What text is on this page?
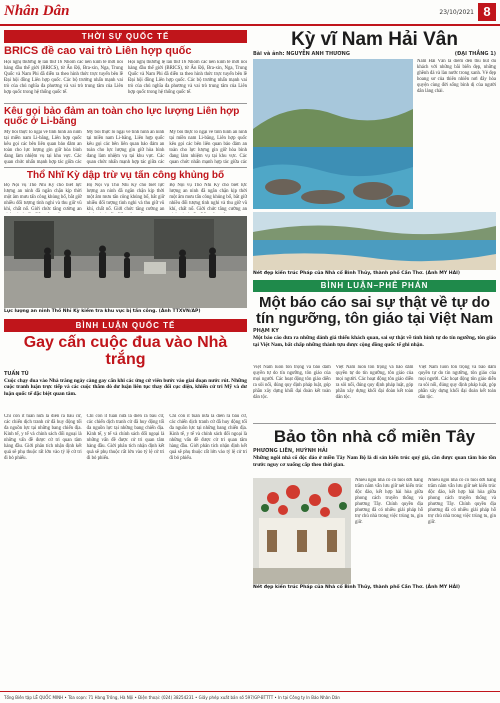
Nhân Dân	23/10/2021 8
THỜI SỰ QUỐC TẾ
BRICS đề cao vai trò Liên hợp quốc
Hội nghị thường lệ lần thứ 16 Nhóm các nền kinh tế mới nổi hàng đầu thế giới (BRICS), từ Ấn Độ, Bra-xin, Nga, Trung Quốc và Nam Phi đã diễn ra theo hình thức trực tuyến bên lề Đại hội đồng Liên hợp quốc. Các bộ trưởng nhấn mạnh vai trò của chủ nghĩa đa phương và vai trò trung tâm của Liên hợp quốc trong hệ thống quốc tế.
Hội nghị thường lệ lần thứ 16 Nhóm các nền kinh tế mới nổi hàng đầu thế giới (BRICS), từ Ấn Độ, Bra-xin, Nga, Trung Quốc và Nam Phi đã diễn ra theo hình thức trực tuyến bên lề Đại hội đồng Liên hợp quốc. Các bộ trưởng nhấn mạnh vai trò của chủ nghĩa đa phương và vai trò trung tâm của Liên hợp quốc trong hệ thống quốc tế.
Kêu gọi bảo đảm an toàn cho lực lượng Liên hợp quốc ở Li-băng
Mỹ bồi thực lo ngại về tình hình an ninh tại miền nam Li-băng, Liên hợp quốc kêu gọi các bên liên quan bảo đảm an toàn cho lực lượng gìn giữ hòa bình đang làm nhiệm vụ tại khu vực. Các quan chức nhấn mạnh hợp tác giữa các
Mỹ bồi thực lo ngại về tình hình an ninh tại miền nam Li-băng, Liên hợp quốc kêu gọi các bên liên quan bảo đảm an toàn cho lực lượng gìn giữ hòa bình đang làm nhiệm vụ tại khu vực. Các quan chức nhấn mạnh hợp tác giữa các
Mỹ bồi thực lo ngại về tình hình an ninh tại miền nam Li-băng, Liên hợp quốc kêu gọi các bên liên quan bảo đảm an toàn cho lực lượng gìn giữ hòa bình đang làm nhiệm vụ tại khu vực. Các quan chức nhấn mạnh hợp tác giữa các
Thổ Nhĩ Kỳ dập trừ vụ tấn công khủng bố
Bộ Nội vụ Thổ Nhĩ Kỳ cho biết lực lượng an ninh đã ngăn chặn kịp thời một âm mưu tấn công khủng bố, bắt giữ nhiều đối tượng tình nghi và thu giữ vũ khí, chất nổ. Giới chức tăng cường an
Bộ Nội vụ Thổ Nhĩ Kỳ cho biết lực lượng an ninh đã ngăn chặn kịp thời một âm mưu tấn công khủng bố, bắt giữ nhiều đối tượng tình nghi và thu giữ vũ khí, chất nổ. Giới chức tăng cường an
Bộ Nội vụ Thổ Nhĩ Kỳ cho biết lực lượng an ninh đã ngăn chặn kịp thời một âm mưu tấn công khủng bố, bắt giữ nhiều đối tượng tình nghi và thu giữ vũ khí, chất nổ. Giới chức tăng cường an
Lực lượng an ninh Thổ Nhĩ Kỳ kiểm tra khu vực bị tấn công. (Ảnh TTXVN/AP)
BÌNH LUẬN QUỐC TẾ
Gay cấn cuộc đua vào Nhà trắng
TUẤN TÚ
Cuộc chạy đua vào Nhà trắng ngày càng gay cấn khi các ứng cử viên bước vào giai đoạn nước rút. Những cuộc tranh luận trực tiếp và các cuộc thăm dò dư luận liên tục thay đổi cục diện, khiến cử tri Mỹ và dư luận quốc tế đặc biệt quan tâm.
Chỉ còn ít tuần nữa là diễn ra bầu cử, các chiến dịch tranh cử đã huy động tối đa nguồn lực tại những bang chiến địa. Kinh tế, y tế và chính sách đối ngoại là những vấn đề được cử tri quan tâm hàng đầu. Giới phân tích nhận định kết quả sẽ phụ thuộc rất lớn vào tỷ lệ cử tri đi bỏ phiếu.
Chỉ còn ít tuần nữa là diễn ra bầu cử, các chiến dịch tranh cử đã huy động tối đa nguồn lực tại những bang chiến địa. Kinh tế, y tế và chính sách đối ngoại là những vấn đề được cử tri quan tâm hàng đầu. Giới phân tích nhận định kết quả sẽ phụ thuộc rất lớn vào tỷ lệ cử tri đi bỏ phiếu.
Chỉ còn ít tuần nữa là diễn ra bầu cử, các chiến dịch tranh cử đã huy động tối đa nguồn lực tại những bang chiến địa. Kinh tế, y tế và chính sách đối ngoại là những vấn đề được cử tri quan tâm hàng đầu. Giới phân tích nhận định kết quả sẽ phụ thuộc rất lớn vào tỷ lệ cử tri đi bỏ phiếu.
Kỳ vĩ Nam Hải Vân
Bài và ảnh: NGUYỄN ANH THƯƠNG	(ĐẠI THẮNG 1)
Nam Hải Vân là điểm đến thu hút du khách với những bãi biển đẹp, những ghềnh đá và làn nước trong xanh. Vẻ đẹp hoang sơ của thiên nhiên nơi đây hòa quyện cùng đời sống bình dị của người dân làng chài.
Nét đẹp kiến trúc Pháp của Nhà cổ Bình Thủy, thành phố Cần Thơ. (Ảnh MY HẢI)
BÌNH LUẬN–PHÊ PHÁN
Một báo cáo sai sự thật về tự do tín ngưỡng, tôn giáo tại Việt Nam
PHẠM KY
Một báo cáo đưa ra những đánh giá thiếu khách quan, sai sự thật về tình hình tự do tín ngưỡng, tôn giáo tại Việt Nam, bất chấp những thành tựu được cộng đồng quốc tế ghi nhận.
Việt Nam luôn tôn trọng và bảo đảm quyền tự do tín ngưỡng, tôn giáo của mọi người. Các hoạt động tôn giáo diễn ra sôi nổi, đúng quy định pháp luật, góp phần xây dựng khối đại đoàn kết toàn dân tộc.
Việt Nam luôn tôn trọng và bảo đảm quyền tự do tín ngưỡng, tôn giáo của mọi người. Các hoạt động tôn giáo diễn ra sôi nổi, đúng quy định pháp luật, góp phần xây dựng khối đại đoàn kết toàn dân tộc.
Việt Nam luôn tôn trọng và bảo đảm quyền tự do tín ngưỡng, tôn giáo của mọi người. Các hoạt động tôn giáo diễn ra sôi nổi, đúng quy định pháp luật, góp phần xây dựng khối đại đoàn kết toàn dân tộc.
Bảo tồn nhà cổ miền Tây
PHƯƠNG LIÊN, HUỲNH HẢI
Những ngôi nhà cổ độc đáo ở miền Tây Nam Bộ là di sản kiến trúc quý giá, cần được quan tâm bảo tồn trước nguy cơ xuống cấp theo thời gian.
Nhiều ngôi nhà cổ có tuổi đời hàng trăm năm vẫn lưu giữ nét kiến trúc độc đáo, kết hợp hài hòa giữa phong cách truyền thống và phương Tây. Chính quyền địa phương đã có nhiều giải pháp hỗ trợ chủ nhà trong việc trùng tu, gìn giữ.
Nhiều ngôi nhà cổ có tuổi đời hàng trăm năm vẫn lưu giữ nét kiến trúc độc đáo, kết hợp hài hòa giữa phong cách truyền thống và phương Tây. Chính quyền địa phương đã có nhiều giải pháp hỗ trợ chủ nhà trong việc trùng tu, gìn giữ.
Nét đẹp kiến trúc Pháp của Nhà cổ Bình Thủy, thành phố Cần Thơ. (Ảnh MY HẢI)
Tổng Biên tập LÊ QUỐC MINH • Tòa soạn: 71 Hàng Trống, Hà Nội • Điện thoại: (024) 38254231 • Giấy phép xuất bản số 597/GP-BTTTT • In tại Công ty In Báo Nhân Dân
